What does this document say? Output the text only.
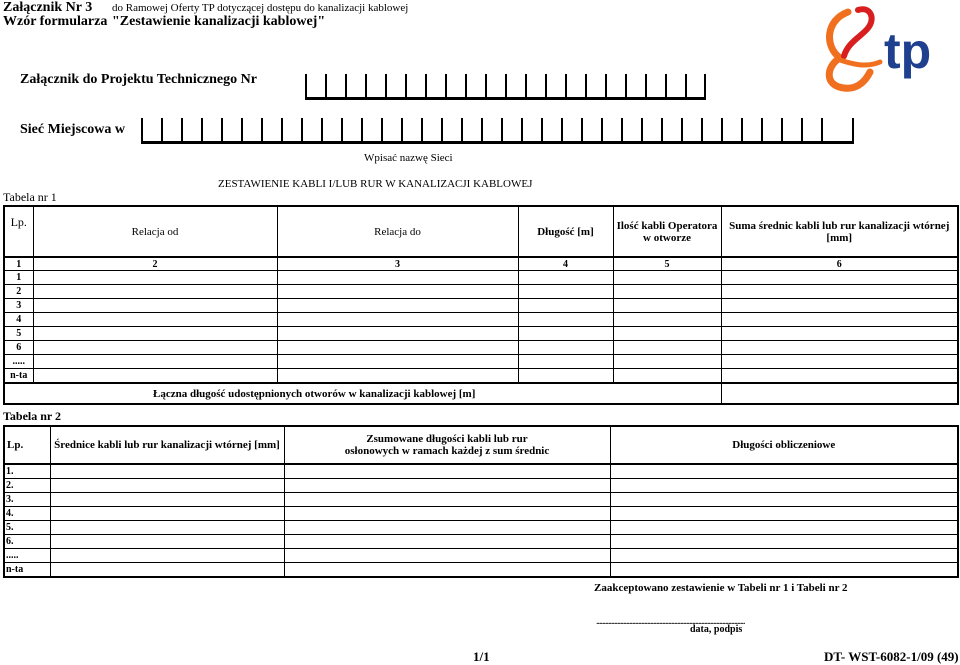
Załącznik Nr 3
Wzór formularza
do Ramowej Oferty TP dotyczącej dostępu do kanalizacji kablowej
"Zestawienie kanalizacji kablowej"
tp
Załącznik do Projektu Technicznego Nr
Sieć Miejscowa w
Wpisać nazwę Sieci
Tabela nr 1
ZESTAWIENIE KABLI I/LUB RUR W KANALIZACJI KABLOWEJ
Lp.	Relacja od	Relacja do	Długość [m]	Ilość kabli Operatora w otworze	Suma średnic kabli lub rur kanalizacji wtórnej [mm]
1	2	3	4	5	6
1					
2					
3					
4					
5					
6					
.....					
n-ta					
	Łączna długość udostępnionych otworów w kanalizacji kablowej [m]				
Tabela nr 2
Lp.	Średnice kabli lub rur kanalizacji wtórnej [mm]	Zsumowane długości kabli lub rur osłonowych w ramach każdej z sum średnic	Długości obliczeniowe
1.			
2.			
3.			
4.			
5.			
6.			
.....			
n-ta			
Zaakceptowano zestawienie w Tabeli nr 1 i Tabeli nr 2
...................................................................................................
data, podpis
1/1	DT- WST-6082-1/09 (49)
